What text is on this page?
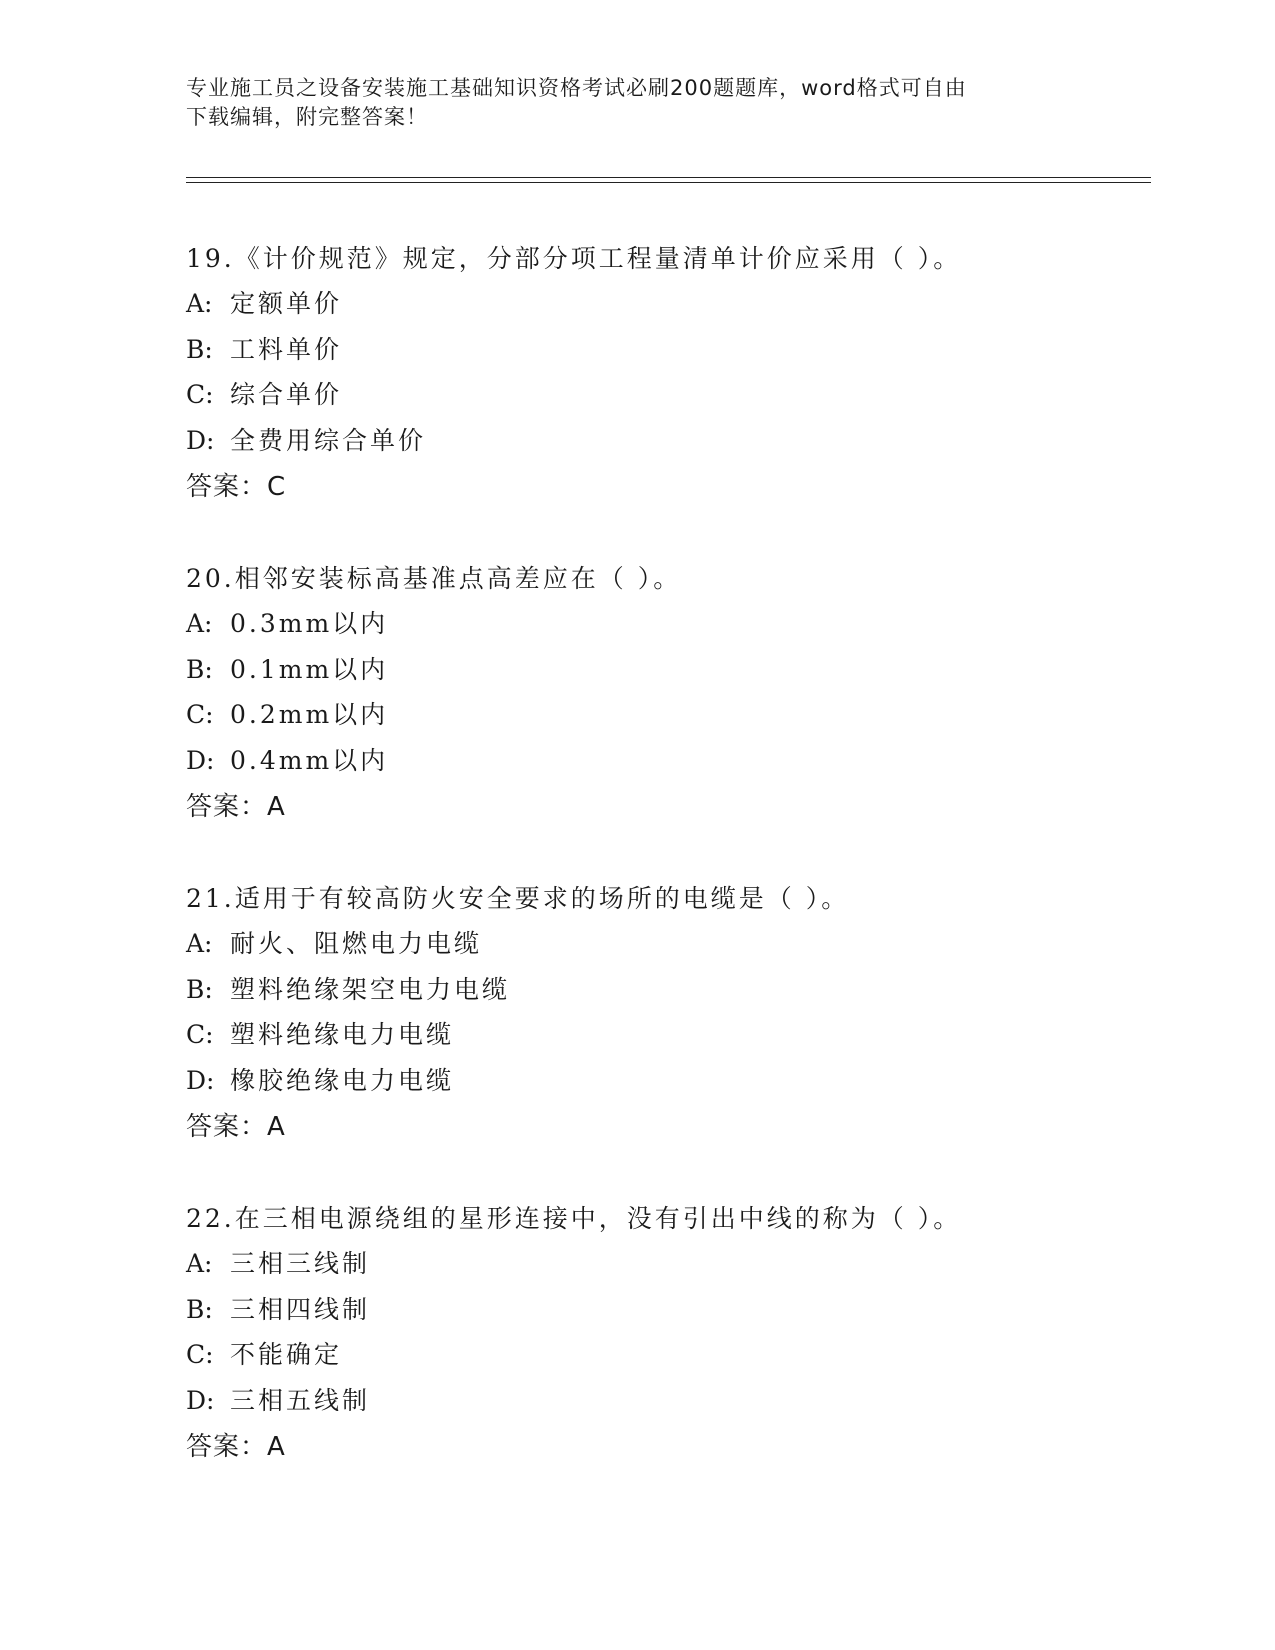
专业施工员之设备安装施工基础知识资格考试必刷200题题库，word格式可自由
下载编辑，附完整答案！
19.《计价规范》规定，分部分项工程量清单计价应采用（ ）。
A: 定额单价
B: 工料单价
C: 综合单价
D: 全费用综合单价
答案：C
20.相邻安装标高基准点高差应在（ ）。
A: 0.3mm以内
B: 0.1mm以内
C: 0.2mm以内
D: 0.4mm以内
答案：A
21.适用于有较高防火安全要求的场所的电缆是（ ）。
A: 耐火、阻燃电力电缆
B: 塑料绝缘架空电力电缆
C: 塑料绝缘电力电缆
D: 橡胶绝缘电力电缆
答案：A
22.在三相电源绕组的星形连接中，没有引出中线的称为（ ）。
A: 三相三线制
B: 三相四线制
C: 不能确定
D: 三相五线制
答案：A
